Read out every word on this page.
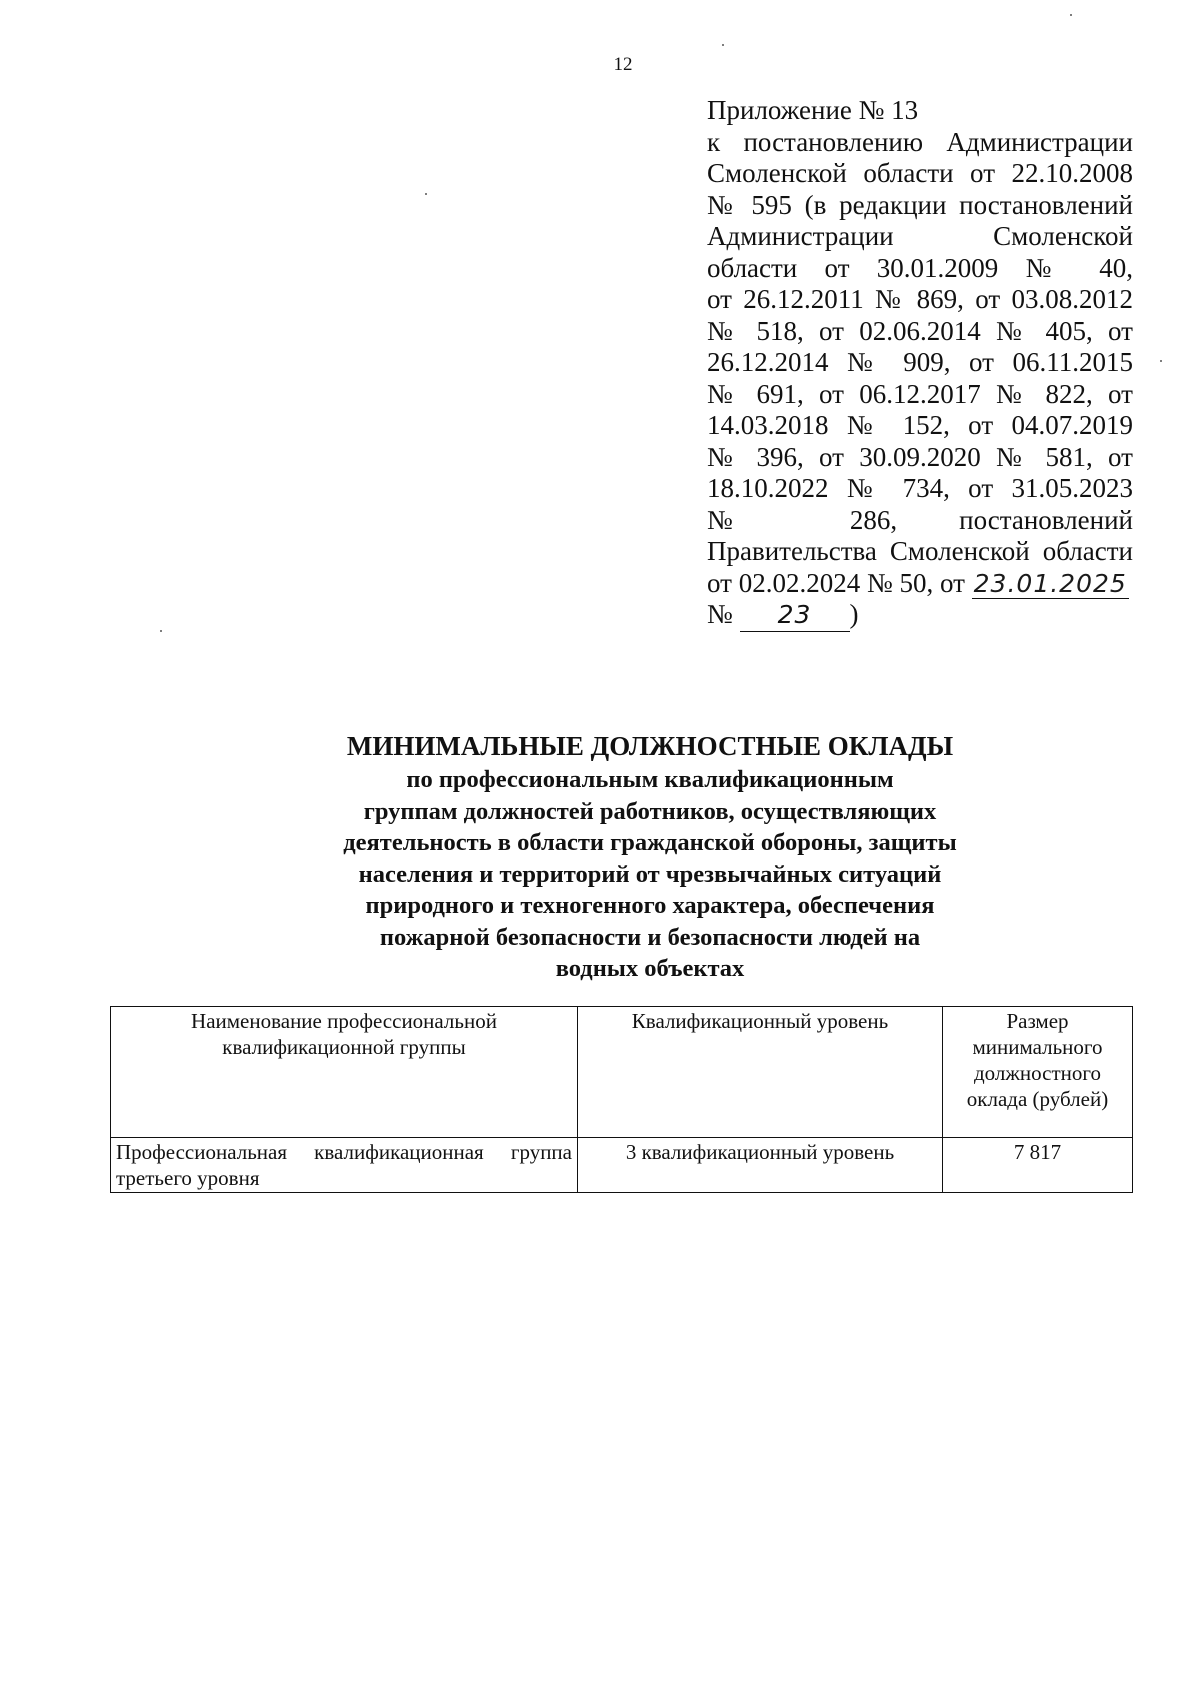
12
Приложение № 13
к постановлению Администрации
Смоленской области от 22.10.2008
№ 595 (в редакции постановлений
Администрации Смоленской
области от 30.01.2009 № 40,
от 26.12.2011 № 869, от 03.08.2012
№ 518, от 02.06.2014 № 405, от
26.12.2014 № 909, от 06.11.2015
№ 691, от 06.12.2017 № 822, от
14.03.2018 № 152, от 04.07.2019
№ 396, от 30.09.2020 № 581, от
18.10.2022 № 734, от 31.05.2023
№ 286, постановлений
Правительства Смоленской области
от 02.02.2024 № 50, от 23.01.2025
№ 23 )
МИНИМАЛЬНЫЕ ДОЛЖНОСТНЫЕ ОКЛАДЫ
по профессиональным квалификационным
группам должностей работников, осуществляющих
деятельность в области гражданской обороны, защиты
населения и территорий от чрезвычайных ситуаций
природного и техногенного характера, обеспечения
пожарной безопасности и безопасности людей на
водных объектах
Наименование профессиональной квалификационной группы	Квалификационный уровень	Размер минимального должностного оклада (рублей)
Профессиональная квалификационная группа третьего уровня	3 квалификационный уровень	7 817
